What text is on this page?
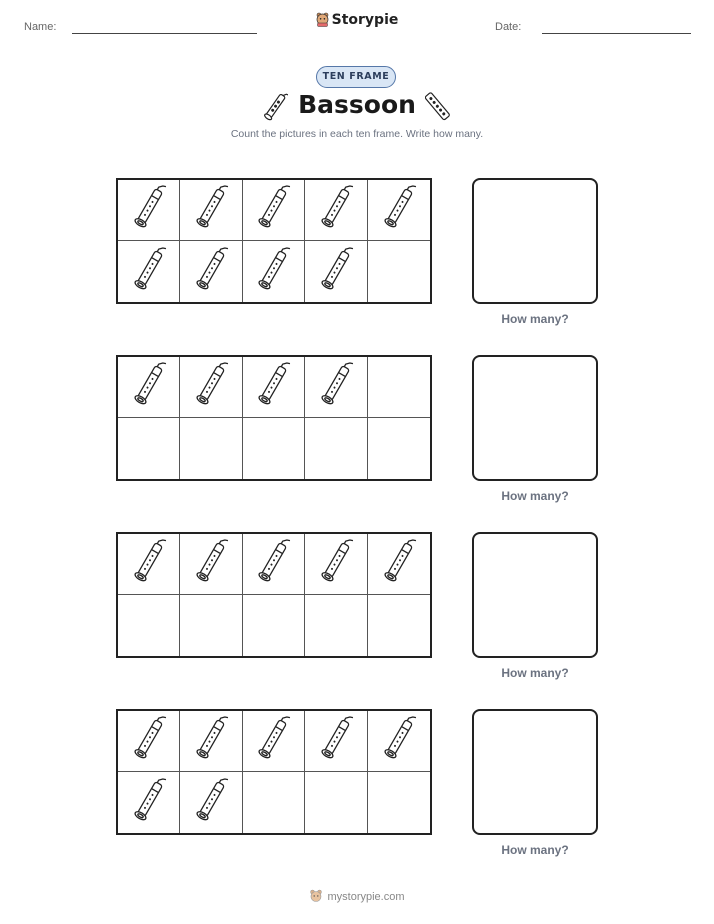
Name:	Storypie	Date:
TEN FRAME
Bassoon
Count the pictures in each ten frame. Write how many.
How many?
How many?
How many?
How many?
mystorypie.com
